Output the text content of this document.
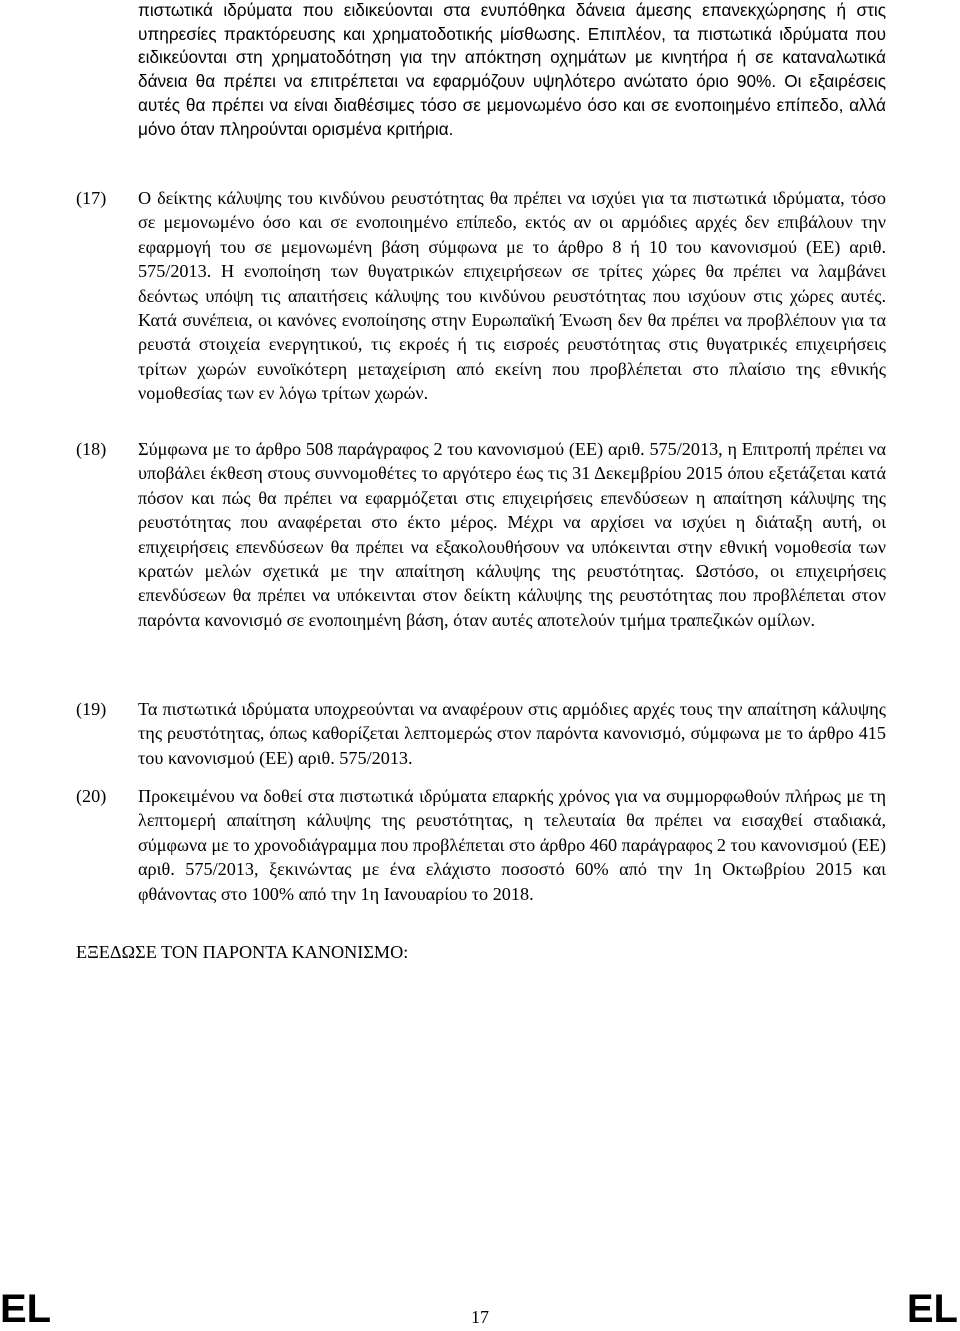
πιστωτικά ιδρύματα που ειδικεύονται στα ενυπόθηκα δάνεια άμεσης επανεκχώρησης ή στις υπηρεσίες πρακτόρευσης και χρηματοδοτικής μίσθωσης. Επιπλέον, τα πιστωτικά ιδρύματα που ειδικεύονται στη χρηματοδότηση για την απόκτηση οχημάτων με κινητήρα ή σε καταναλωτικά δάνεια θα πρέπει να επιτρέπεται να εφαρμόζουν υψηλότερο ανώτατο όριο 90%. Οι εξαιρέσεις αυτές θα πρέπει να είναι διαθέσιμες τόσο σε μεμονωμένο όσο και σε ενοποιημένο επίπεδο, αλλά μόνο όταν πληρούνται ορισμένα κριτήρια.

(17) Ο δείκτης κάλυψης του κινδύνου ρευστότητας θα πρέπει να ισχύει για τα πιστωτικά ιδρύματα, τόσο σε μεμονωμένο όσο και σε ενοποιημένο επίπεδο, εκτός αν οι αρμόδιες αρχές δεν επιβάλουν την εφαρμογή του σε μεμονωμένη βάση σύμφωνα με το άρθρο 8 ή 10 του κανονισμού (ΕΕ) αριθ. 575/2013. Η ενοποίηση των θυγατρικών επιχειρήσεων σε τρίτες χώρες θα πρέπει να λαμβάνει δεόντως υπόψη τις απαιτήσεις κάλυψης του κινδύνου ρευστότητας που ισχύουν στις χώρες αυτές. Κατά συνέπεια, οι κανόνες ενοποίησης στην Ευρωπαϊκή Ένωση δεν θα πρέπει να προβλέπουν για τα ρευστά στοιχεία ενεργητικού, τις εκροές ή τις εισροές ρευστότητας στις θυγατρικές επιχειρήσεις τρίτων χωρών ευνοϊκότερη μεταχείριση από εκείνη που προβλέπεται στο πλαίσιο της εθνικής νομοθεσίας των εν λόγω τρίτων χωρών.

(18) Σύμφωνα με το άρθρο 508 παράγραφος 2 του κανονισμού (ΕΕ) αριθ. 575/2013, η Επιτροπή πρέπει να υποβάλει έκθεση στους συννομοθέτες το αργότερο έως τις 31 Δεκεμβρίου 2015 όπου εξετάζεται κατά πόσον και πώς θα πρέπει να εφαρμόζεται στις επιχειρήσεις επενδύσεων η απαίτηση κάλυψης της ρευστότητας που αναφέρεται στο έκτο μέρος. Μέχρι να αρχίσει να ισχύει η διάταξη αυτή, οι επιχειρήσεις επενδύσεων θα πρέπει να εξακολουθήσουν να υπόκεινται στην εθνική νομοθεσία των κρατών μελών σχετικά με την απαίτηση κάλυψης της ρευστότητας. Ωστόσο, οι επιχειρήσεις επενδύσεων θα πρέπει να υπόκεινται στον δείκτη κάλυψης της ρευστότητας που προβλέπεται στον παρόντα κανονισμό σε ενοποιημένη βάση, όταν αυτές αποτελούν τμήμα τραπεζικών ομίλων.

(19) Τα πιστωτικά ιδρύματα υποχρεούνται να αναφέρουν στις αρμόδιες αρχές τους την απαίτηση κάλυψης της ρευστότητας, όπως καθορίζεται λεπτομερώς στον παρόντα κανονισμό, σύμφωνα με το άρθρο 415 του κανονισμού (ΕΕ) αριθ. 575/2013.

(20) Προκειμένου να δοθεί στα πιστωτικά ιδρύματα επαρκής χρόνος για να συμμορφωθούν πλήρως με τη λεπτομερή απαίτηση κάλυψης της ρευστότητας, η τελευταία θα πρέπει να εισαχθεί σταδιακά, σύμφωνα με το χρονοδιάγραμμα που προβλέπεται στο άρθρο 460 παράγραφος 2 του κανονισμού (ΕΕ) αριθ. 575/2013, ξεκινώντας με ένα ελάχιστο ποσοστό 60% από την 1η Οκτωβρίου 2015 και φθάνοντας στο 100% από την 1η Ιανουαρίου το 2018.

ΕΞΕΔΩΣΕ ΤΟΝ ΠΑΡΟΝΤΑ ΚΑΝΟΝΙΣΜΟ:
EL	17	EL
